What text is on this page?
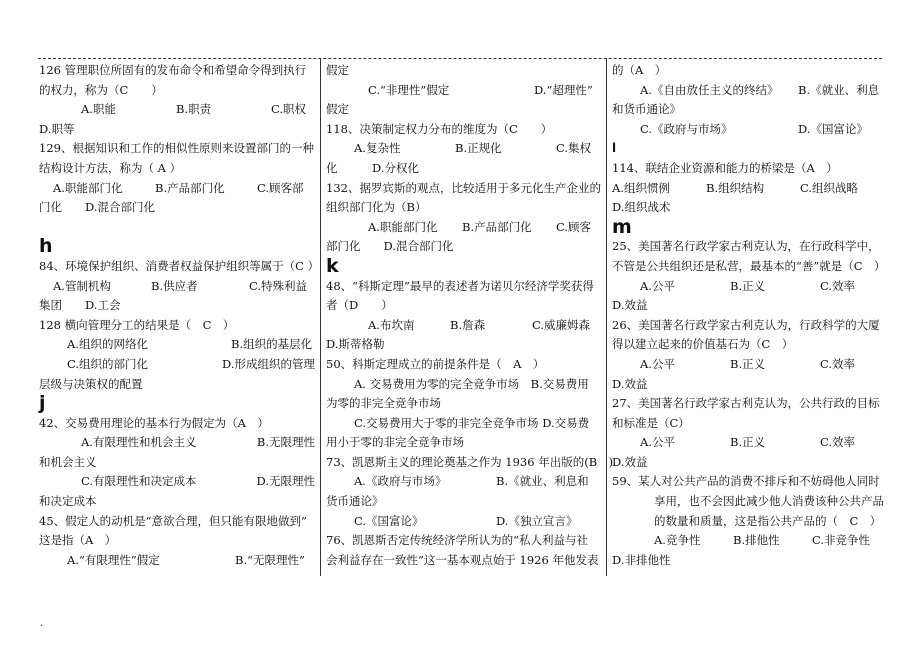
126 管理职位所固有的发布命令和希望命令得到执行
的权力，称为（C　　）
A.职能	B.职责	C.职权
D.职等
129、根据知识和工作的相似性原则来设置部门的一种
结构设计方法，称为（ A ）
A.职能部门化	B.产品部门化	C.顾客部
门化　　D.混合部门化
h
84、环境保护组织、消费者权益保护组织等属于（C ）
A.管制机构	B.供应者	C.特殊利益
集团　　D.工会
128 横向管理分工的结果是（　C　）
A.组织的网络化	B.组织的基层化
C.组织的部门化	D.形成组织的管理
层级与决策权的配置
j
42、交易费用理论的基本行为假定为（A　）
A.有限理性和机会主义	B.无限理性
和机会主义
C.有限理性和决定成本	D.无限理性
和决定成本
45、假定人的动机是“意欲合理，但只能有限地做到”
这是指（A　）
A.“有限理性”假定	B.“无限理性”
假定
C.“非理性”假定	D.“超理性”
假定
118、决策制定权力分布的维度为（C　　）
A.复杂性	B.正规化	C.集权
化　　　D.分权化
132、据罗宾斯的观点，比较适用于多元化生产企业的
组织部门化为（B）
A.职能部门化	B.产品部门化	C.顾客
部门化　　D.混合部门化
k
48、“科斯定理”最早的表述者为诺贝尔经济学奖获得
者（D　　）
A.布坎南	B.詹森	C.威廉姆森
D.斯蒂格勒
50、科斯定理成立的前提条件是（　A　）
A. 交易费用为零的完全竞争市场　B.交易费用
为零的非完全竞争市场
C.交易费用大于零的非完全竞争市场 D.交易费
用小于零的非完全竞争市场
73、凯恩斯主义的理论奠基之作为 1936 年出版的(B　)
A.《政府与市场》	B.《就业、利息和
货币通论》
C.《国富论》	D.《独立宣言》
76、凯恩斯否定传统经济学所认为的“私人利益与社
会利益存在一致性”这一基本观点始于 1926 年他发表
的（A　）
A.《自由放任主义的终结》	B.《就业、利息
和货币通论》
C.《政府与市场》	D.《国富论》
l
114、联结企业资源和能力的桥梁是（A　）
A.组织惯例	B.组织结构	C.组织战略
D.组织战术
m
25、美国著名行政学家古利克认为，在行政科学中，
不管是公共组织还是私营，最基本的“善”就是（C　）
A.公平	B.正义	C.效率
D.效益
26、美国著名行政学家古利克认为，行政科学的大厦
得以建立起来的价值基石为（C　）
A.公平	B.正义	C.效率
D.效益
27、美国著名行政学家古利克认为，公共行政的目标
和标准是（C）
A.公平	B.正义	C.效率
D.效益
59、某人对公共产品的消费不排斥和不妨碍他人同时
享用，也不会因此减少他人消费该种公共产品
的数量和质量，这是指公共产品的（　C　）
A.竞争性	B.排他性	C.非竞争性
D.非排他性
.
